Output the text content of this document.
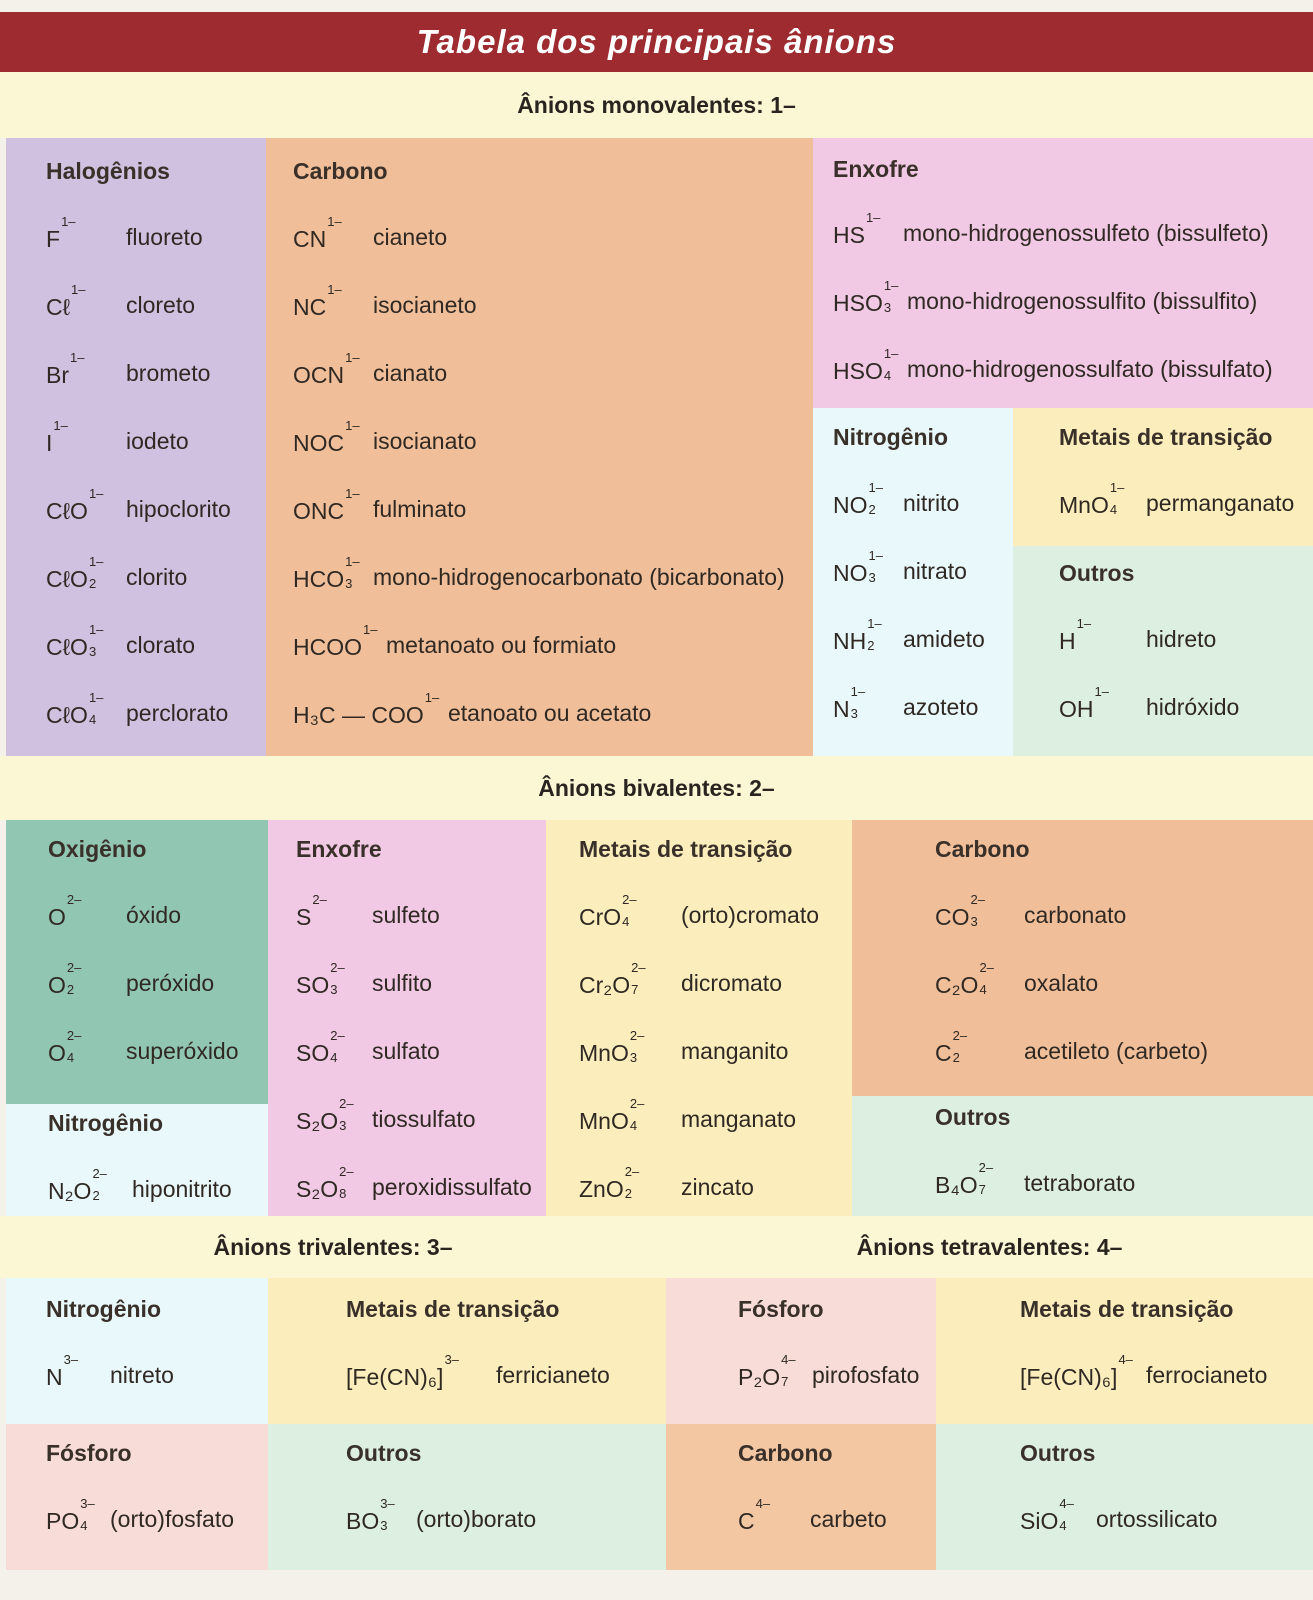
Tabela dos principais ânions
Ânions monovalentes: 1–
Halogênios
F
1–
fluoreto
Cℓ
1–
cloreto
Br
1–
brometo
I
1–
iodeto
CℓO
1–
hipoclorito
CℓO
1–
2 clorito
CℓO
1–
3 clorato
CℓO
1–
4 perclorato
Carbono
CN
1–
cianeto
NC
1–
isocianeto
OCN
1–
cianato
NOC
1–
isocianato
ONC
1–
fulminato
HCO
1–
3 mono-hidrogenocarbonato (bicarbonato)
HCOO
1–
metanoato ou formiato
H₃C — COO
1–
etanoato ou acetato
Enxofre
HS
1–
mono-hidrogenossulfeto (bissulfeto)
HSO
1–
3 mono-hidrogenossulfito (bissulfito)
HSO
1–
4 mono-hidrogenossulfato (bissulfato)
Nitrogênio
NO
1–
2 nitrito
NO
1–
3 nitrato
NH
1–
2 amideto
N
1–
3 azoteto
Metais de transição
MnO
1–
4 permanganato
Outros
H
1–
hidreto
OH
1–
hidróxido
Ânions bivalentes: 2–
Oxigênio
O
2–
óxido
O
2–
2 peróxido
O
2–
4 superóxido
Nitrogênio
N₂O
2–
2 hiponitrito
Enxofre
S
2–
sulfeto
SO
2–
3 sulfito
SO
2–
4 sulfato
S₂O
2–
3 tiossulfato
S₂O
2–
8 peroxidissulfato
Metais de transição
CrO
2–
4 (orto)cromato
Cr₂O
2–
7 dicromato
MnO
2–
3 manganito
MnO
2–
4 manganato
ZnO
2–
2 zincato
Carbono
CO
2–
3 carbonato
C₂O
2–
4 oxalato
C
2–
2	acetileto (carbeto)
Outros
B₄O
2–
7 tetraborato
Ânions trivalentes: 3–	Ânions tetravalentes: 4–
Nitrogênio
N
3–
nitreto
Metais de transição
[Fe(CN)₆]
3–
ferricianeto
Fósforo
PO
3–
4 (orto)fosfato
Outros
BO
3–
3 (orto)borato
Fósforo
P₂O
4–
7 pirofosfato
Metais de transição
[Fe(CN)₆]
4–
ferrocianeto
Carbono
C
4–
carbeto
Outros
SiO
4–
4 ortossilicato
